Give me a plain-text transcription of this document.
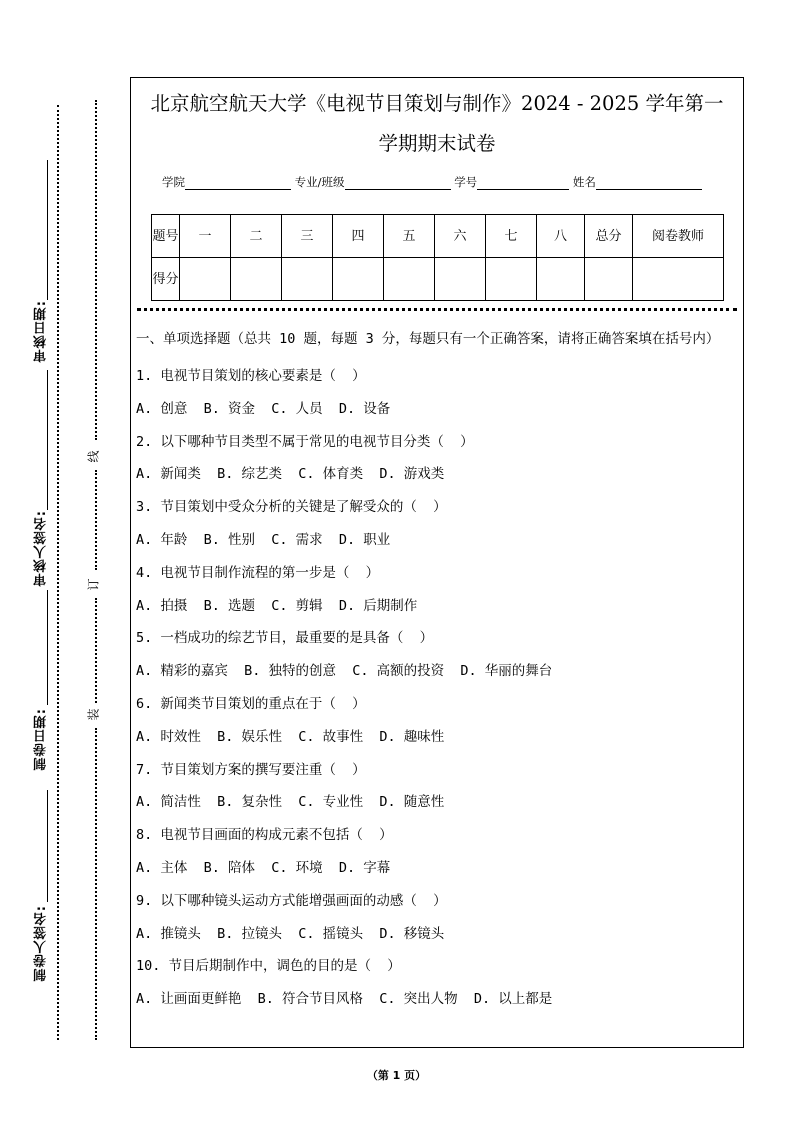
审核日期:
审核人签名:
制卷日期:
制卷人签名:
线
订
装
北京航空航天大学《电视节目策划与制作》2024 - 2025 学年第一
学期期末试卷
学院	专业/班级	学号	姓名
题号	一	二	三	四	五	六	七	八	总分	阅卷教师
得分										
一、单项选择题（总共 10 题，每题 3 分，每题只有一个正确答案，请将正确答案填在括号内）
1. 电视节目策划的核心要素是（  ）
A. 创意  B. 资金  C. 人员  D. 设备
2. 以下哪种节目类型不属于常见的电视节目分类（  ）
A. 新闻类  B. 综艺类  C. 体育类  D. 游戏类
3. 节目策划中受众分析的关键是了解受众的（  ）
A. 年龄  B. 性别  C. 需求  D. 职业
4. 电视节目制作流程的第一步是（  ）
A. 拍摄  B. 选题  C. 剪辑  D. 后期制作
5. 一档成功的综艺节目，最重要的是具备（  ）
A. 精彩的嘉宾  B. 独特的创意  C. 高额的投资  D. 华丽的舞台
6. 新闻类节目策划的重点在于（  ）
A. 时效性  B. 娱乐性  C. 故事性  D. 趣味性
7. 节目策划方案的撰写要注重（  ）
A. 简洁性  B. 复杂性  C. 专业性  D. 随意性
8. 电视节目画面的构成元素不包括（  ）
A. 主体  B. 陪体  C. 环境  D. 字幕
9. 以下哪种镜头运动方式能增强画面的动感（  ）
A. 推镜头  B. 拉镜头  C. 摇镜头  D. 移镜头
10. 节目后期制作中，调色的目的是（  ）
A. 让画面更鲜艳  B. 符合节目风格  C. 突出人物  D. 以上都是
（第 1 页）
